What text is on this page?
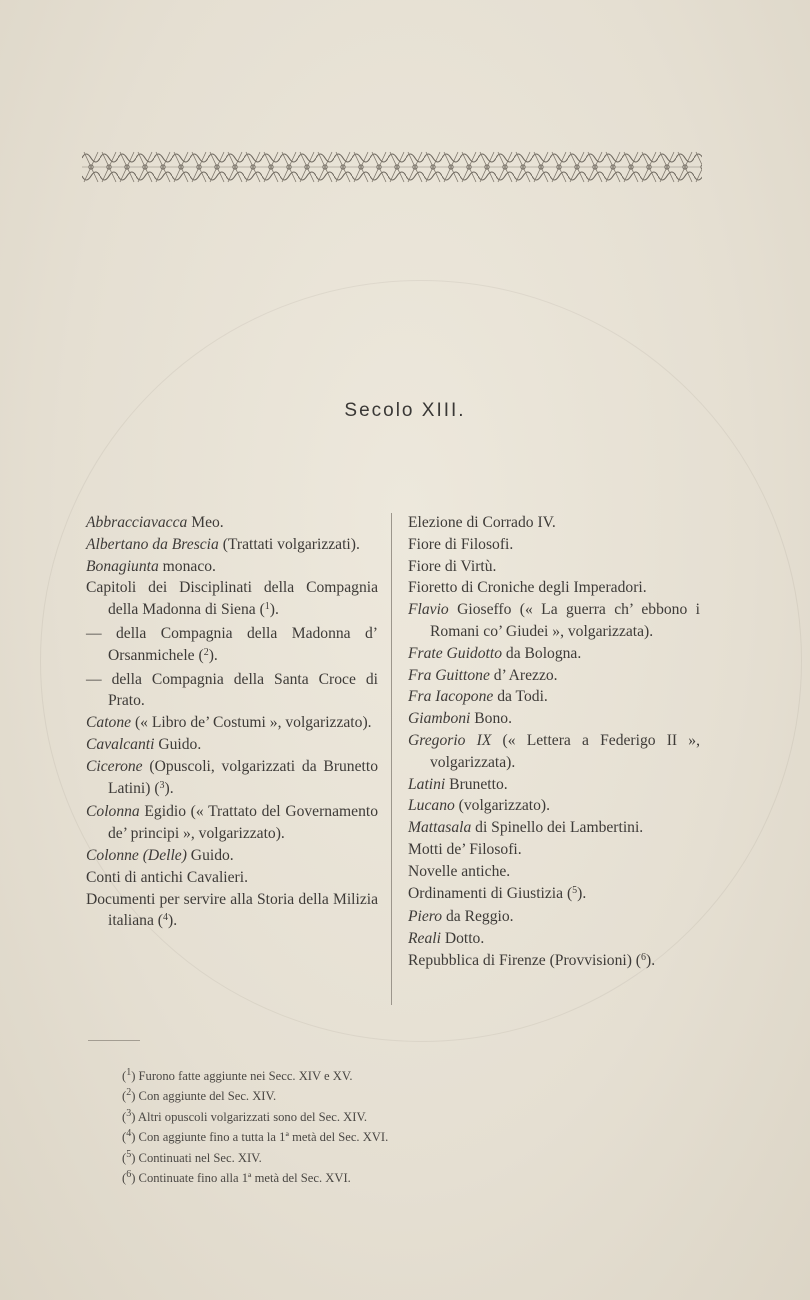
Secolo XIII.
Abbracciavacca Meo.
Albertano da Brescia (Trattati volgarizzati).
Bonagiunta monaco.
Capitoli dei Disciplinati della Compagnia della Madonna di Siena ($^1$).
— della Compagnia della Madonna d’ Orsanmichele ($^2$).
— della Compagnia della Santa Croce di Prato.
Catone (« Libro de’ Costumi », volgarizzato).
Cavalcanti Guido.
Cicerone (Opuscoli, volgarizzati da Brunetto Latini) ($^3$).
Colonna Egidio (« Trattato del Governamento de’ principi », volgarizzato).
Colonne (Delle) Guido.
Conti di antichi Cavalieri.
Documenti per servire alla Storia della Milizia italiana ($^4$).
Elezione di Corrado IV.
Fiore di Filosofi.
Fiore di Virtù.
Fioretto di Croniche degli Imperadori.
Flavio Gioseffo (« La guerra ch’ ebbono i Romani co’ Giudei », volgarizzata).
Frate Guidotto da Bologna.
Fra Guittone d’ Arezzo.
Fra Iacopone da Todi.
Giamboni Bono.
Gregorio IX (« Lettera a Federigo II », volgarizzata).
Latini Brunetto.
Lucano (volgarizzato).
Mattasala di Spinello dei Lambertini.
Motti de’ Filosofi.
Novelle antiche.
Ordinamenti di Giustizia ($^5$).
Piero da Reggio.
Reali Dotto.
Repubblica di Firenze (Provvisioni) ($^6$).
($^1$) Furono fatte aggiunte nei Secc. XIV e XV.
($^2$) Con aggiunte del Sec. XIV.
($^3$) Altri opuscoli volgarizzati sono del Sec. XIV.
($^4$) Con aggiunte fino a tutta la 1ª metà del Sec. XVI.
($^5$) Continuati nel Sec. XIV.
($^6$) Continuate fino alla 1ª metà del Sec. XVI.
